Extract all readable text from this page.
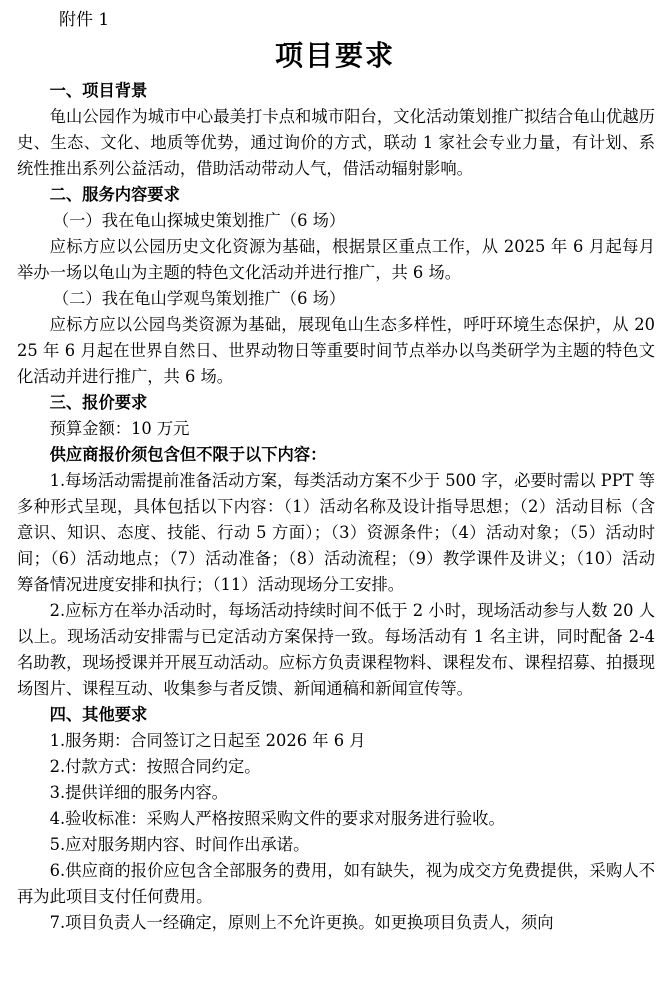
附件 1
项目要求

一、项目背景

龟山公园作为城市中心最美打卡点和城市阳台，文化活动策划推广拟结合龟山优越历史、生态、文化、地质等优势，通过询价的方式，联动 1 家社会专业力量，有计划、系统性推出系列公益活动，借助活动带动人气，借活动辐射影响。

二、服务内容要求

（一）我在龟山探城史策划推广（6 场）

应标方应以公园历史文化资源为基础，根据景区重点工作，从 2025 年 6 月起每月举办一场以龟山为主题的特色文化活动并进行推广，共 6 场。

（二）我在龟山学观鸟策划推广（6 场）

应标方应以公园鸟类资源为基础，展现龟山生态多样性，呼吁环境生态保护，从 2025 年 6 月起在世界自然日、世界动物日等重要时间节点举办以鸟类研学为主题的特色文化活动并进行推广，共 6 场。

三、报价要求

预算金额：10 万元

供应商报价须包含但不限于以下内容：

1.每场活动需提前准备活动方案，每类活动方案不少于 500 字，必要时需以 PPT 等多种形式呈现，具体包括以下内容：（1）活动名称及设计指导思想；（2）活动目标（含意识、知识、态度、技能、行动 5 方面）；（3）资源条件；（4）活动对象；（5）活动时间；（6）活动地点；（7）活动准备；（8）活动流程；（9）教学课件及讲义；（10）活动筹备情况进度安排和执行；（11）活动现场分工安排。

2.应标方在举办活动时，每场活动持续时间不低于 2 小时，现场活动参与人数 20 人以上。现场活动安排需与已定活动方案保持一致。每场活动有 1 名主讲，同时配备 2-4 名助教，现场授课并开展互动活动。应标方负责课程物料、课程发布、课程招募、拍摄现场图片、课程互动、收集参与者反馈、新闻通稿和新闻宣传等。

四、其他要求

1.服务期：合同签订之日起至 2026 年 6 月

2.付款方式：按照合同约定。

3.提供详细的服务内容。

4.验收标准：采购人严格按照采购文件的要求对服务进行验收。

5.应对服务期内容、时间作出承诺。

6.供应商的报价应包含全部服务的费用，如有缺失，视为成交方免费提供，采购人不再为此项目支付任何费用。

7.项目负责人一经确定，原则上不允许更换。如更换项目负责人，须向
